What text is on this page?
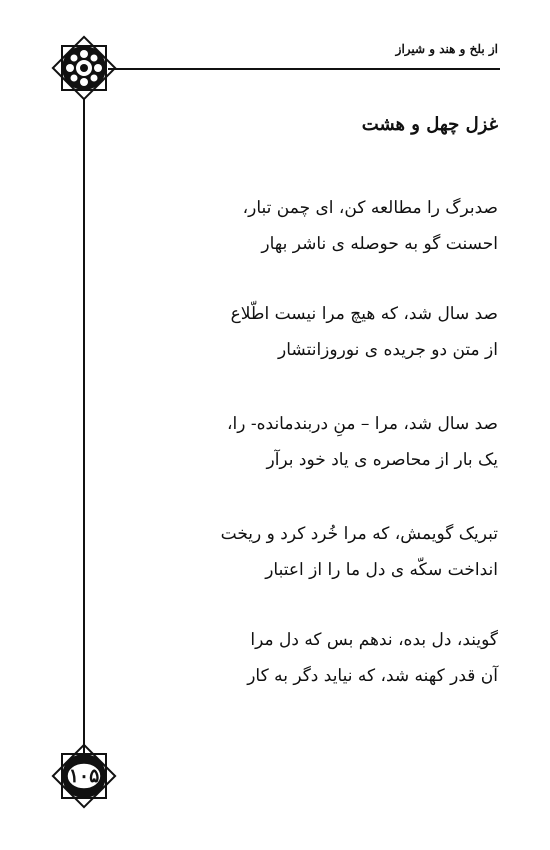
از بلخ و هند و شیراز
۱۰۵
غزل چهل و هشت
صدبرگ را مطالعه کن، ای چمن تبار،
احسنت گو به حوصله ی ناشر بهار
صد سال شد، که هیچ مرا نیست اطّلاع
از متن دو جریده ی نوروزانتشار
صد سال شد، مرا – منِ دربندمانده- را،
یک بار از محاصره ی یاد خود برآر
تبریک گویمش، که مرا خُرد کرد و ریخت
انداخت سکّه ی دل ما را از اعتبار
گویند، دل بده، ندهم بس که دل مرا
آن قدر کهنه شد، که نیاید دگر به کار
